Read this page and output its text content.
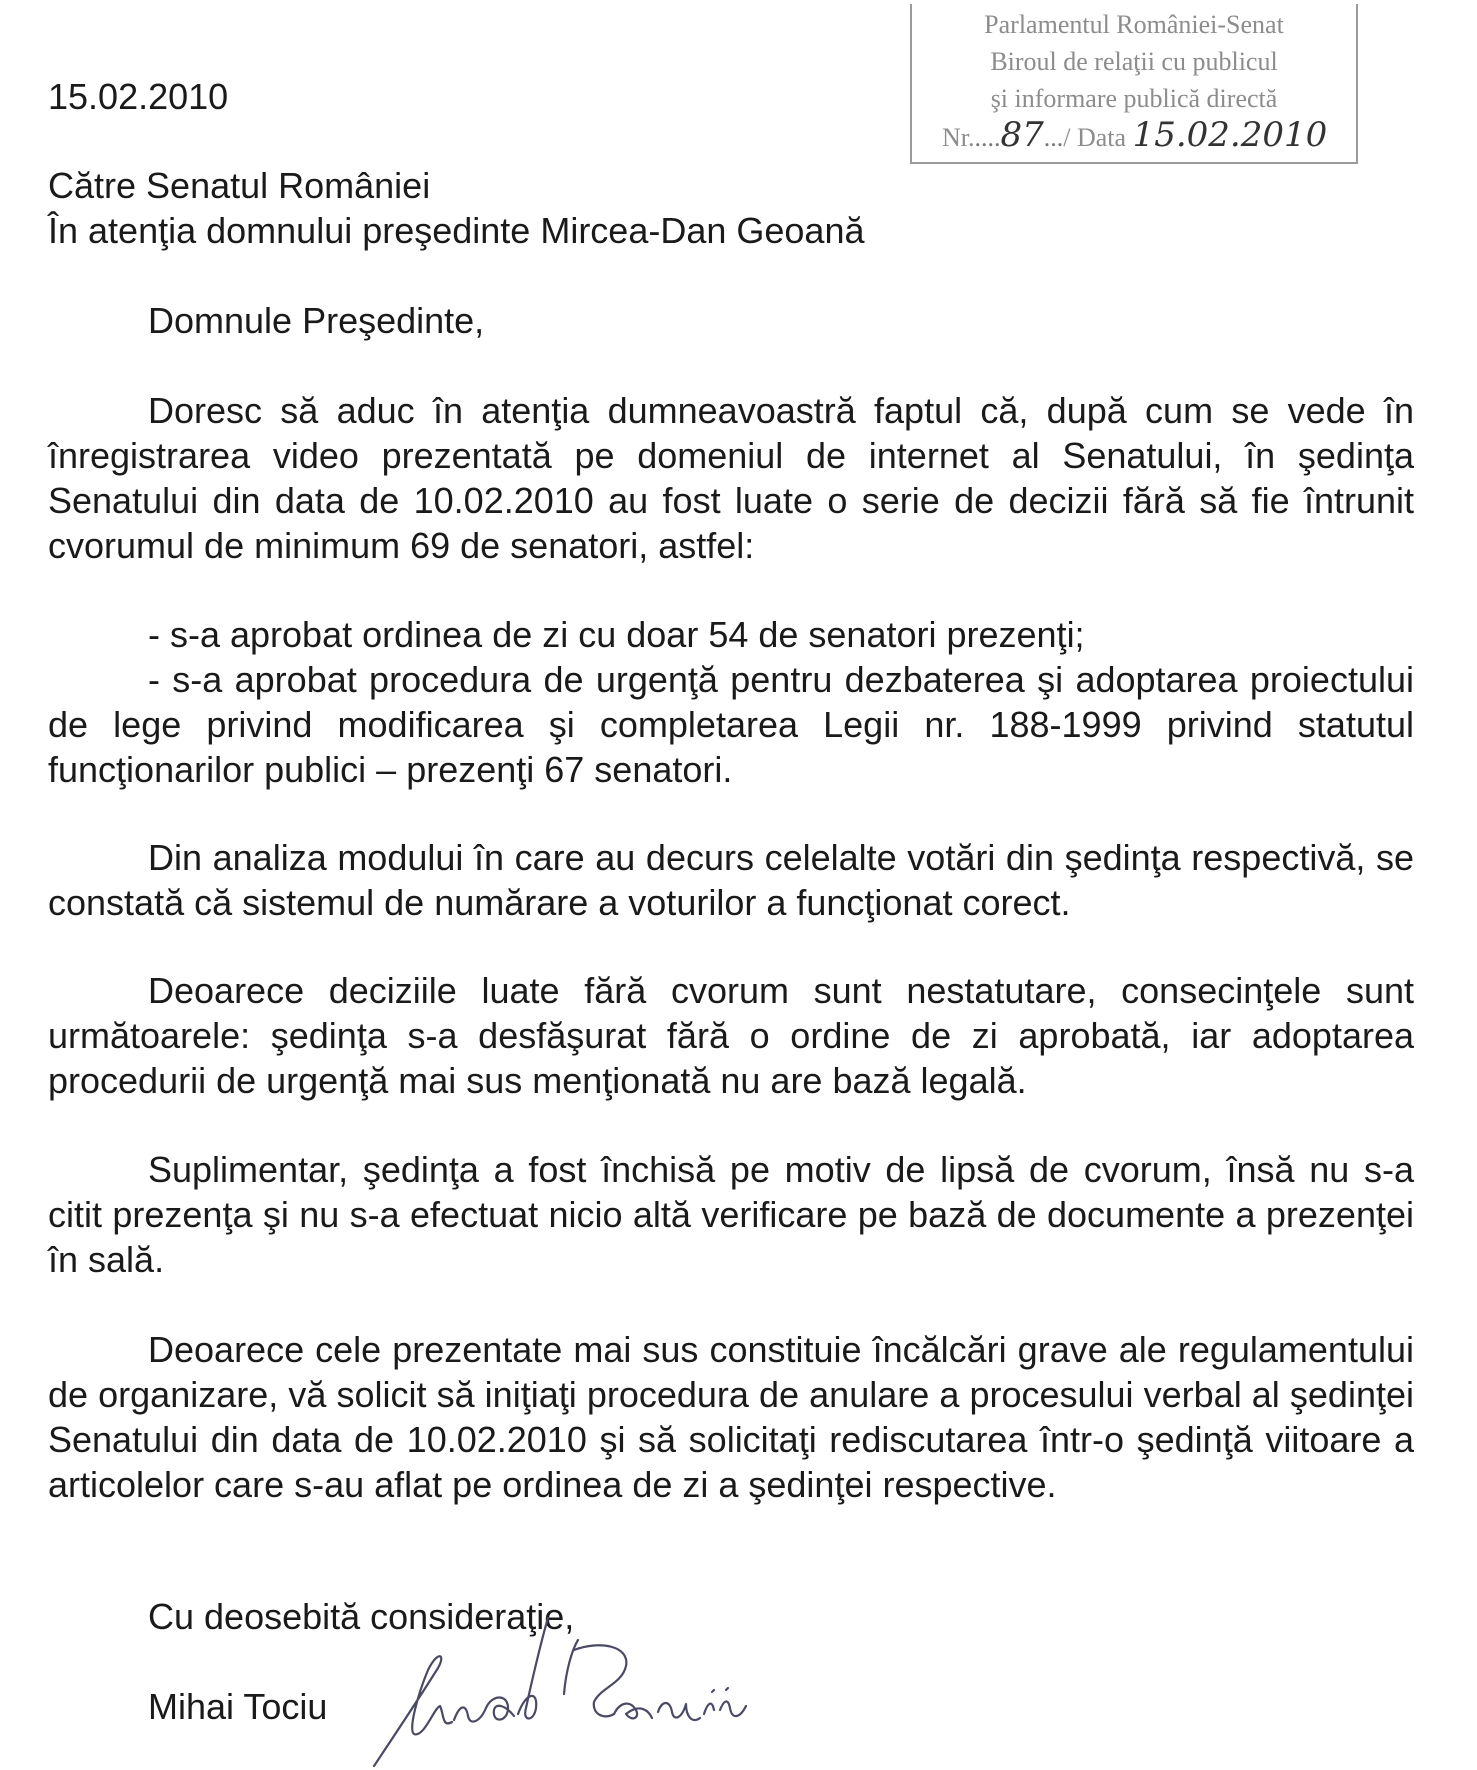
Parlamentul României-Senat
Biroul de relaţii cu publicul
şi informare publică directă
Nr.....87.../ Data 15.02.2010
15.02.2010
Către Senatul României
În atenţia domnului preşedinte Mircea-Dan Geoană
Domnule Preşedinte,
Doresc să aduc în atenţia dumneavoastră faptul că, după cum se vede în înregistrarea video prezentată pe domeniul de internet al Senatului, în şedinţa Senatului din data de 10.02.2010 au fost luate o serie de decizii fără să fie întrunit cvorumul de minimum 69 de senatori, astfel:
- s-a aprobat ordinea de zi cu doar 54 de senatori prezenţi;
- s-a aprobat procedura de urgenţă pentru dezbaterea şi adoptarea proiectului de lege privind modificarea şi completarea Legii nr. 188-1999 privind statutul funcţionarilor publici – prezenţi 67 senatori.
Din analiza modului în care au decurs celelalte votări din şedinţa respectivă, se constată că sistemul de numărare a voturilor a funcţionat corect.
Deoarece deciziile luate fără cvorum sunt nestatutare, consecinţele sunt următoarele: şedinţa s-a desfăşurat fără o ordine de zi aprobată, iar adoptarea procedurii de urgenţă mai sus menţionată nu are bază legală.
Suplimentar, şedinţa a fost închisă pe motiv de lipsă de cvorum, însă nu s-a citit prezenţa şi nu s-a efectuat nicio altă verificare pe bază de documente a prezenţei în sală.
Deoarece cele prezentate mai sus constituie încălcări grave ale regulamentului de organizare, vă solicit să iniţiaţi procedura de anulare a procesului verbal al şedinţei Senatului din data de 10.02.2010 şi să solicitaţi rediscutarea într-o şedinţă viitoare a articolelor care s-au aflat pe ordinea de zi a şedinţei respective.
Cu deosebită consideraţie,
Mihai Tociu
